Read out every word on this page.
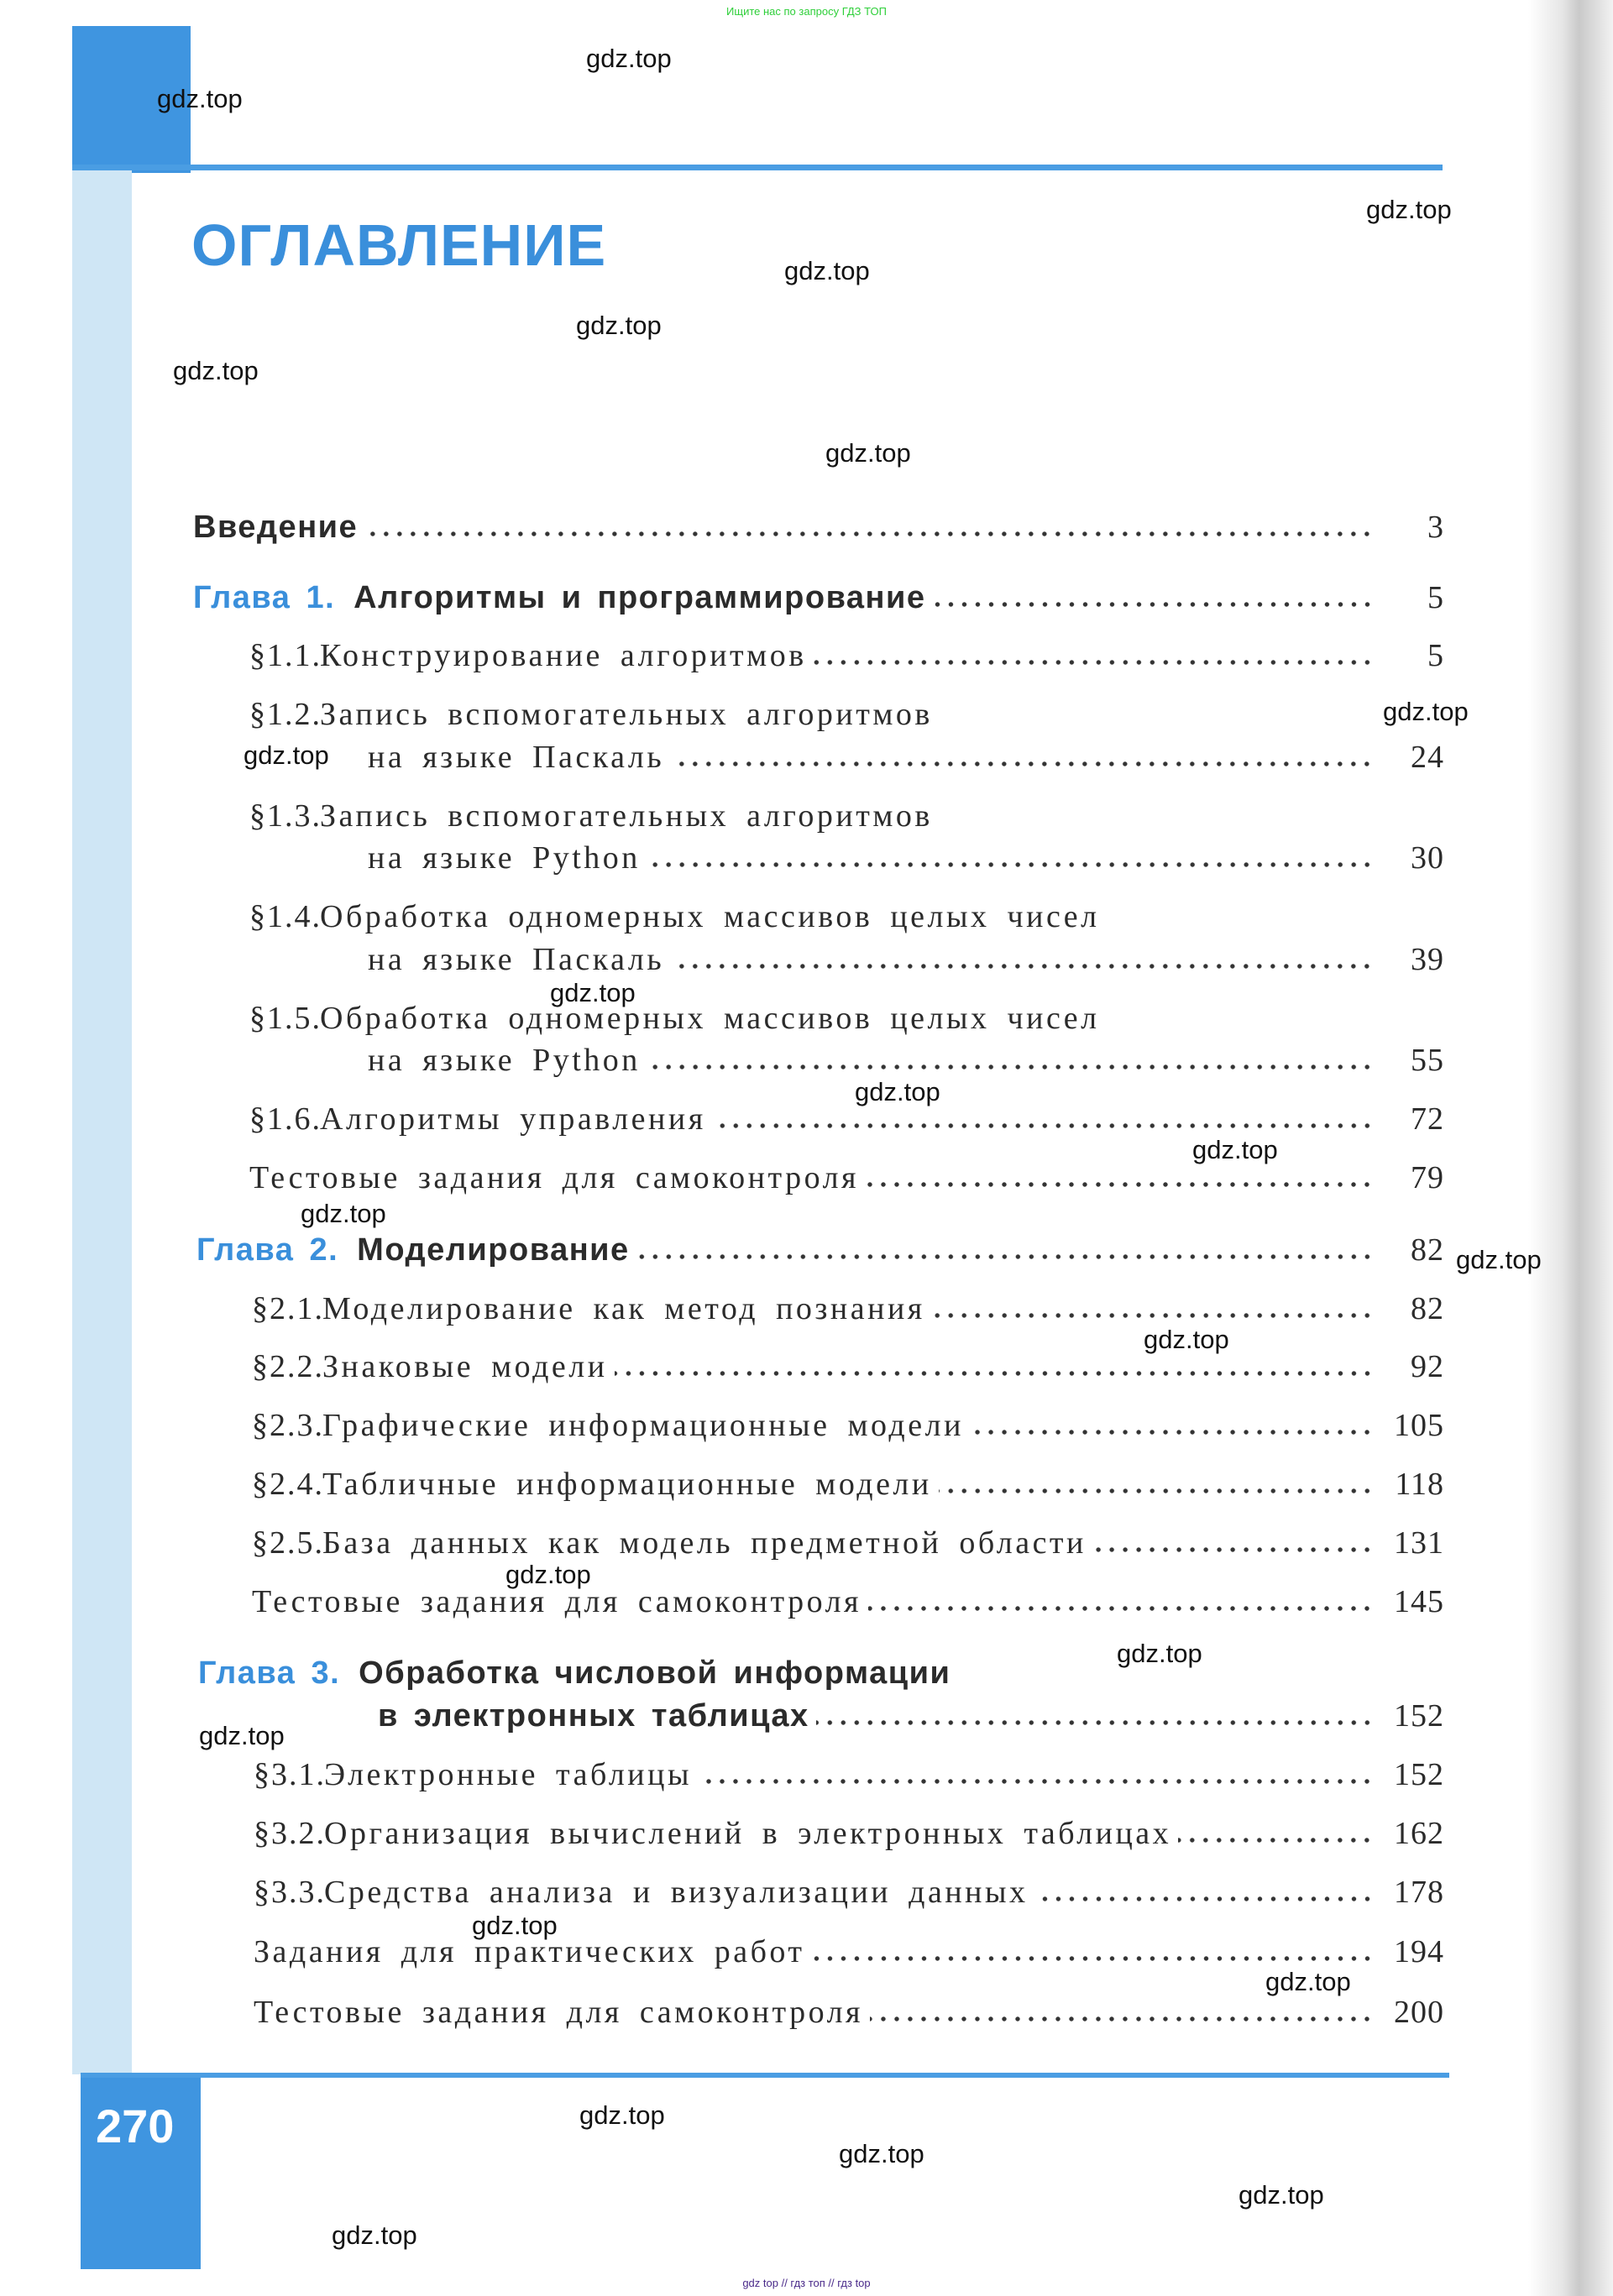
Ищите нас по запросу ГДЗ ТОП
ОГЛАВЛЕНИЕ
Введение	3
Глава 1. Алгоритмы и программирование	5
§1.1.
Конструирование алгоритмов	5
§1.2.
Запись вспомогательных алгоритмов
на языке Паскаль	24
§1.3.
Запись вспомогательных алгоритмов
на языке Python	30
§1.4.
Обработка одномерных массивов целых чисел
на языке Паскаль	39
§1.5.
Обработка одномерных массивов целых чисел
на языке Python	55
§1.6.
Алгоритмы управления	72
Тестовые задания для самоконтроля	79
Глава 2. Моделирование	82
§2.1.
Моделирование как метод познания	82
§2.2.
Знаковые модели	92
§2.3.
Графические информационные модели	105
§2.4.
Табличные информационные модели	118
§2.5.
База данных как модель предметной области	131
Тестовые задания для самоконтроля	145
Глава 3. Обработка числовой информации
в электронных таблицах	152
§3.1.
Электронные таблицы	152
§3.2.
Организация вычислений в электронных таблицах	162
§3.3.
Средства анализа и визуализации данных	178
Задания для практических работ	194
Тестовые задания для самоконтроля	200
270
gdz top // гдз топ // гдз top
gdz.top
gdz.top
gdz.top
gdz.top
gdz.top
gdz.top
gdz.top
gdz.top
gdz.top
gdz.top
gdz.top
gdz.top
gdz.top
gdz.top
gdz.top
gdz.top
gdz.top
gdz.top
gdz.top
gdz.top
gdz.top
gdz.top
gdz.top
gdz.top
